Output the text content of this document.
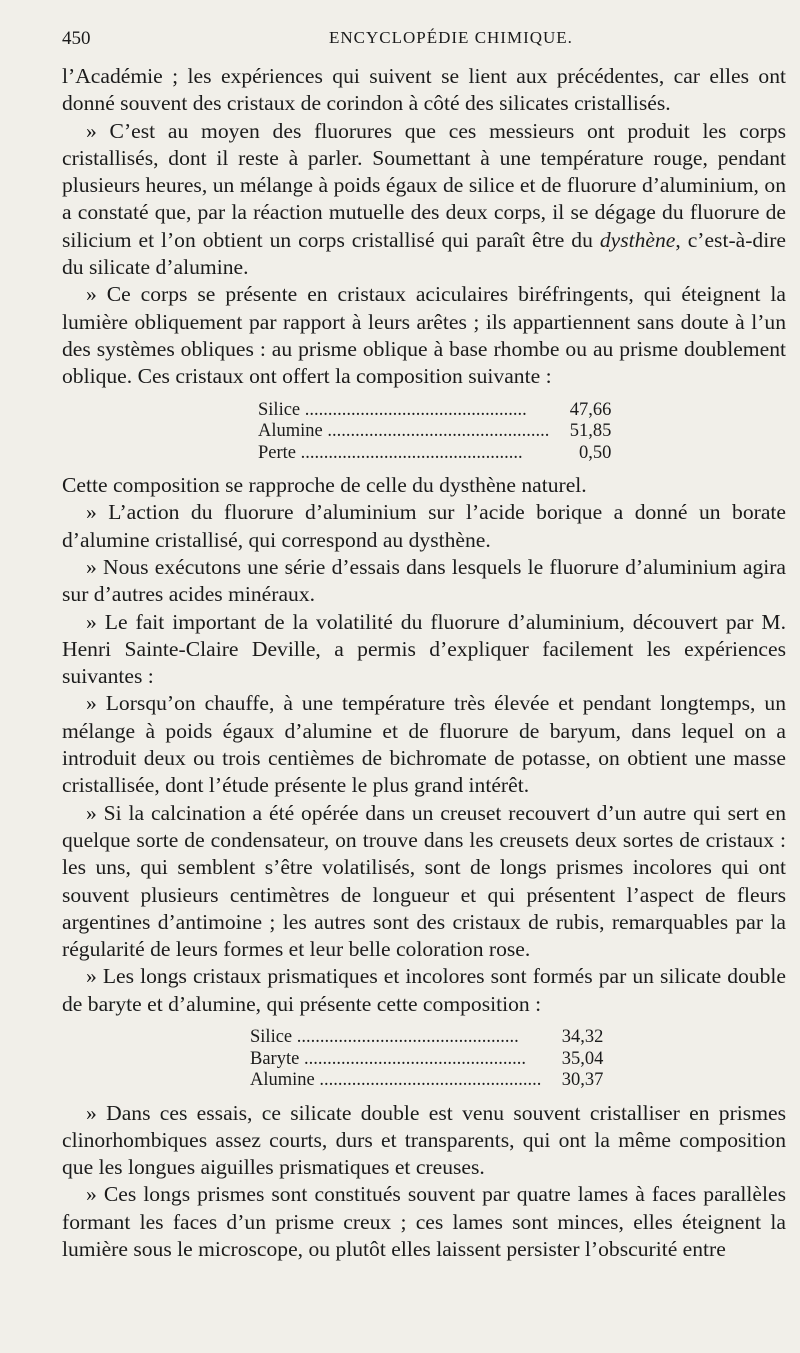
450	ENCYCLOPÉDIE CHIMIQUE.

l’Académie ; les expériences qui suivent se lient aux précédentes, car elles ont donné souvent des cristaux de corindon à côté des silicates cristallisés.

» C’est au moyen des fluorures que ces messieurs ont produit les corps cristallisés, dont il reste à parler. Soumettant à une température rouge, pendant plusieurs heures, un mélange à poids égaux de silice et de fluorure d’aluminium, on a constaté que, par la réaction mutuelle des deux corps, il se dégage du fluorure de silicium et l’on obtient un corps cristallisé qui paraît être du dysthène, c’est-à-dire du silicate d’alumine.

» Ce corps se présente en cristaux aciculaires biréfringents, qui éteignent la lumière obliquement par rapport à leurs arêtes ; ils appartiennent sans doute à l’un des systèmes obliques : au prisme oblique à base rhombe ou au prisme doublement oblique. Ces cristaux ont offert la composition suivante :

Silice .....	47,66
Alumine .....	51,85
Perte .....	0,50

Cette composition se rapproche de celle du dysthène naturel.

» L’action du fluorure d’aluminium sur l’acide borique a donné un borate d’alumine cristallisé, qui correspond au dysthène.

» Nous exécutons une série d’essais dans lesquels le fluorure d’aluminium agira sur d’autres acides minéraux.

» Le fait important de la volatilité du fluorure d’aluminium, découvert par M. Henri Sainte-Claire Deville, a permis d’expliquer facilement les expériences suivantes :

» Lorsqu’on chauffe, à une température très élevée et pendant longtemps, un mélange à poids égaux d’alumine et de fluorure de baryum, dans lequel on a introduit deux ou trois centièmes de bichromate de potasse, on obtient une masse cristallisée, dont l’étude présente le plus grand intérêt.

» Si la calcination a été opérée dans un creuset recouvert d’un autre qui sert en quelque sorte de condensateur, on trouve dans les creusets deux sortes de cristaux : les uns, qui semblent s’être volatilisés, sont de longs prismes incolores qui ont souvent plusieurs centimètres de longueur et qui présentent l’aspect de fleurs argentines d’antimoine ; les autres sont des cristaux de rubis, remarquables par la régularité de leurs formes et leur belle coloration rose.

» Les longs cristaux prismatiques et incolores sont formés par un silicate double de baryte et d’alumine, qui présente cette composition :

Silice .....	34,32
Baryte .....	35,04
Alumine .....	30,37

» Dans ces essais, ce silicate double est venu souvent cristalliser en prismes clinorhombiques assez courts, durs et transparents, qui ont la même composition que les longues aiguilles prismatiques et creuses.

» Ces longs prismes sont constitués souvent par quatre lames à faces parallèles formant les faces d’un prisme creux ; ces lames sont minces, elles éteignent la lumière sous le microscope, ou plutôt elles laissent persister l’obscurité entre
